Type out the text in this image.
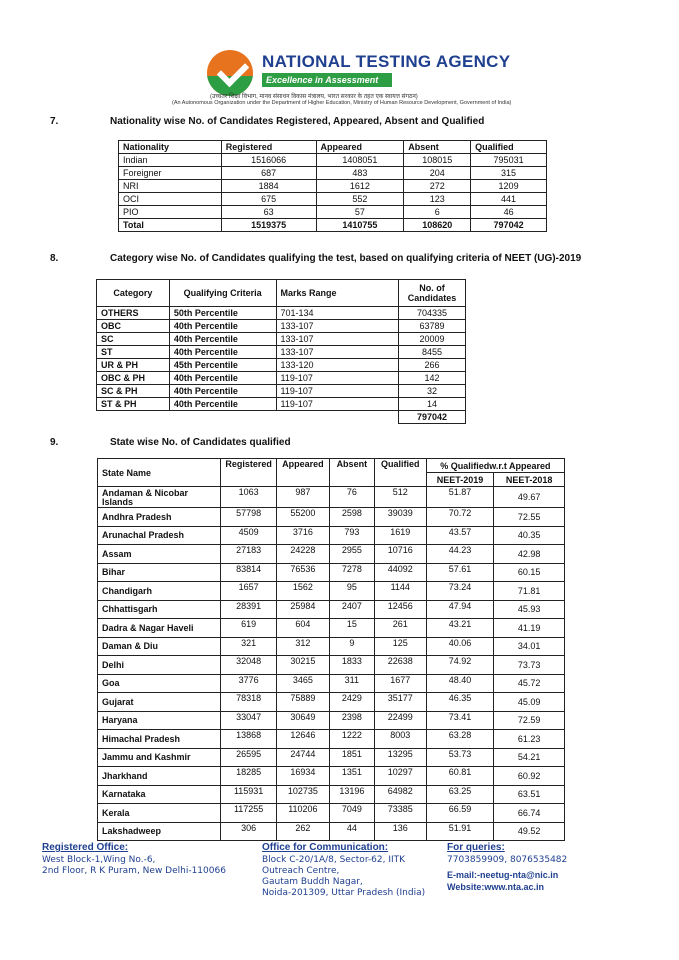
NATIONAL TESTING AGENCY
Excellence in Assessment
(उच्चतर शिक्षा विभाग, मानव संसाधन विकास मंत्रालय, भारत सरकार के तहत एक स्वायत्त संगठन)
(An Autonomous Organization under the Department of Higher Education, Ministry of Human Resource Development, Government of India)
7.	Nationality wise No. of Candidates Registered, Appeared, Absent and Qualified
Nationality	Registered	Appeared	Absent	Qualified
Indian	1516066	1408051	108015	795031
Foreigner	687	483	204	315
NRI	1884	1612	272	1209
OCI	675	552	123	441
PIO	63	57	6	46
Total	1519375	1410755	108620	797042
8.	Category wise No. of Candidates qualifying the test, based on qualifying criteria of NEET (UG)-2019
Category	Qualifying Criteria	Marks Range	No. of Candidates
OTHERS	50th Percentile	701-134	704335
OBC	40th Percentile	133-107	63789
SC	40th Percentile	133-107	20009
ST	40th Percentile	133-107	8455
UR & PH	45th Percentile	133-120	266
OBC & PH	40th Percentile	119-107	142
SC & PH	40th Percentile	119-107	32
ST & PH	40th Percentile	119-107	14
			797042
9.	State wise No. of Candidates qualified
State Name	Registered	Appeared	Absent	Qualified	% Qualifiedw.r.t Appeared	
					NEET-2019	NEET-2018
Andaman & Nicobar Islands	1063	987	76	512	51.87	49.67
Andhra Pradesh	57798	55200	2598	39039	70.72	72.55
Arunachal Pradesh	4509	3716	793	1619	43.57	40.35
Assam	27183	24228	2955	10716	44.23	42.98
Bihar	83814	76536	7278	44092	57.61	60.15
Chandigarh	1657	1562	95	1144	73.24	71.81
Chhattisgarh	28391	25984	2407	12456	47.94	45.93
Dadra & Nagar Haveli	619	604	15	261	43.21	41.19
Daman & Diu	321	312	9	125	40.06	34.01
Delhi	32048	30215	1833	22638	74.92	73.73
Goa	3776	3465	311	1677	48.40	45.72
Gujarat	78318	75889	2429	35177	46.35	45.09
Haryana	33047	30649	2398	22499	73.41	72.59
Himachal Pradesh	13868	12646	1222	8003	63.28	61.23
Jammu and Kashmir	26595	24744	1851	13295	53.73	54.21
Jharkhand	18285	16934	1351	10297	60.81	60.92
Karnataka	115931	102735	13196	64982	63.25	63.51
Kerala	117255	110206	7049	73385	66.59	66.74
Lakshadweep	306	262	44	136	51.91	49.52
Registered Office:
West Block-1,Wing No.-6,
2nd Floor, R K Puram, New Delhi-110066
Office for Communication:
Block C-20/1A/8, Sector-62, IITK
Outreach Centre,
Gautam Buddh Nagar,
Noida-201309, Uttar Pradesh (India)
For queries:
7703859909, 8076535482
E-mail:-neetug-nta@nic.in
Website:www.nta.ac.in
